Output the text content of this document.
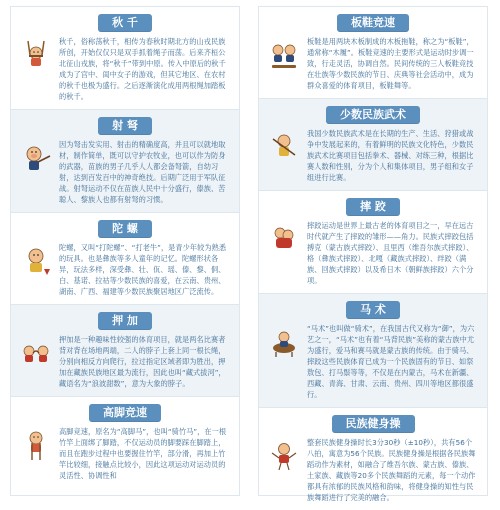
秋 千
秋千，俗称荡秋千，相传为春秋时期北方的山戎民族所创，开始仅仅只是双手抓着绳子而荡。后来齐桓公北征山戎族，将“秋千”带到中原。传入中原后的秋千成为了宫中、闺中女子的游戏，但其它地区、在农村的秋千也极为盛行。之后逐渐演化成用两根绳加踏板的秋千。
射 弩
因为弩击发实用、射击的精确度高，并且可以就地取材，制作简单，既可以守护农牧业，也可以作为防身的武器，苗族的男子几乎人人都会备弩箭，自幼习射，达到百发百中的神奇绝技。后期广泛用于军队征战。射弩运动不仅在苗族人民中十分盛行，傣族、苦聪人、黎族人也都有射弩的习惯。
陀 螺
陀螺，又叫“打陀螺”、“打老牛”，是青少年较为熟悉的玩具。也是彝族等多人童年的记忆。陀螺形状各异，玩法多样，深受彝、壮、佤、瑶、傣、黎、侗、白、基诺、拉祜等少数民族的喜爱，在云南、贵州、湖南、广西、福建等少数民族聚居地区广泛流传。
押 加
押加是一种趣味性较强的体育项目，就是两名比赛者背对背在场地两端，二人的脖子上套上同一根长绳，分别向相反方向爬行，拉过指定区域者即为胜出，押加在藏族民族地区最为流行，因此也叫“藏式拔河”，藏语名为“浪波甜数”，意为大象的脖子。
高脚竞速
高脚竞速，原名为“高脚马”，也叫“骑竹马”，在一根竹竿上面绑了脚踏，不仅运动员的脚要踩在脚踏上，而且在跑步过程中也要握住竹竿，部分滑，再加上竹竿比较细，接触点比较小，因此这项运动对运动员的灵活性、协调性和
板鞋竞速
板鞋是用两块木板制成的木板拖鞋，称之为“板鞋”，通常称“木履”。板鞋竞速的主要形式是运动时步调一致，行走灵活，协调自然。民间传统的三人板鞋竞技在壮族等少数民族的节日、庆典等社会活动中，成为群众喜爱的体育项目，板鞋舞等。
少数民族武术
我国少数民族武术是在长期的生产、生活、狩猎或战争中发展起来的，有着鲜明的民族文化特色，少数民族武术比赛项目包括拳术、器械、对练三种，根据比赛人数和性别，分为个人和集体项目，男子组和女子组进行比赛。
摔 跤
摔跤运动是世界上最古老的体育项目之一，早在远古时代就产生了摔跤的雏形——角力。民族式摔跤包括搏克（蒙古族式摔跤）、且里西（维吾尔族式摔跤）、格（彝族式摔跤）、北嘎（藏族式摔跤）、绊跤（满族、回族式摔跤）以及希日木（朝鲜族摔跤）六个分项。
马 术
“马术”也叫做“骑术”，在我国古代又称为“御”，为六艺之一，“马术”也有着“马背民族”美称的蒙古族中尤为盛行，爱马和赛马就是蒙古族的传统。由于骑马、摔跤这些民族体育已成为一个民族固有的节日、如祭敖包、打马鬃等等，不仅是在内蒙古，马术在新疆、西藏、青海、甘肃、云南、贵州、四川等地区都很盛行。
民族健身操
整套民族健身操时长3分30秒（±10秒），共有56个八拍，寓意为56个民族。民族健身操是根据各民族舞蹈动作为素材，如融合了维吾尔族、蒙古族、傣族、土家族、藏族等20多个民族舞蹈的元素，每一个动作都具有浓郁的民族风格和韵味，将健身操的知性与民族舞蹈进行了完美的融合。
